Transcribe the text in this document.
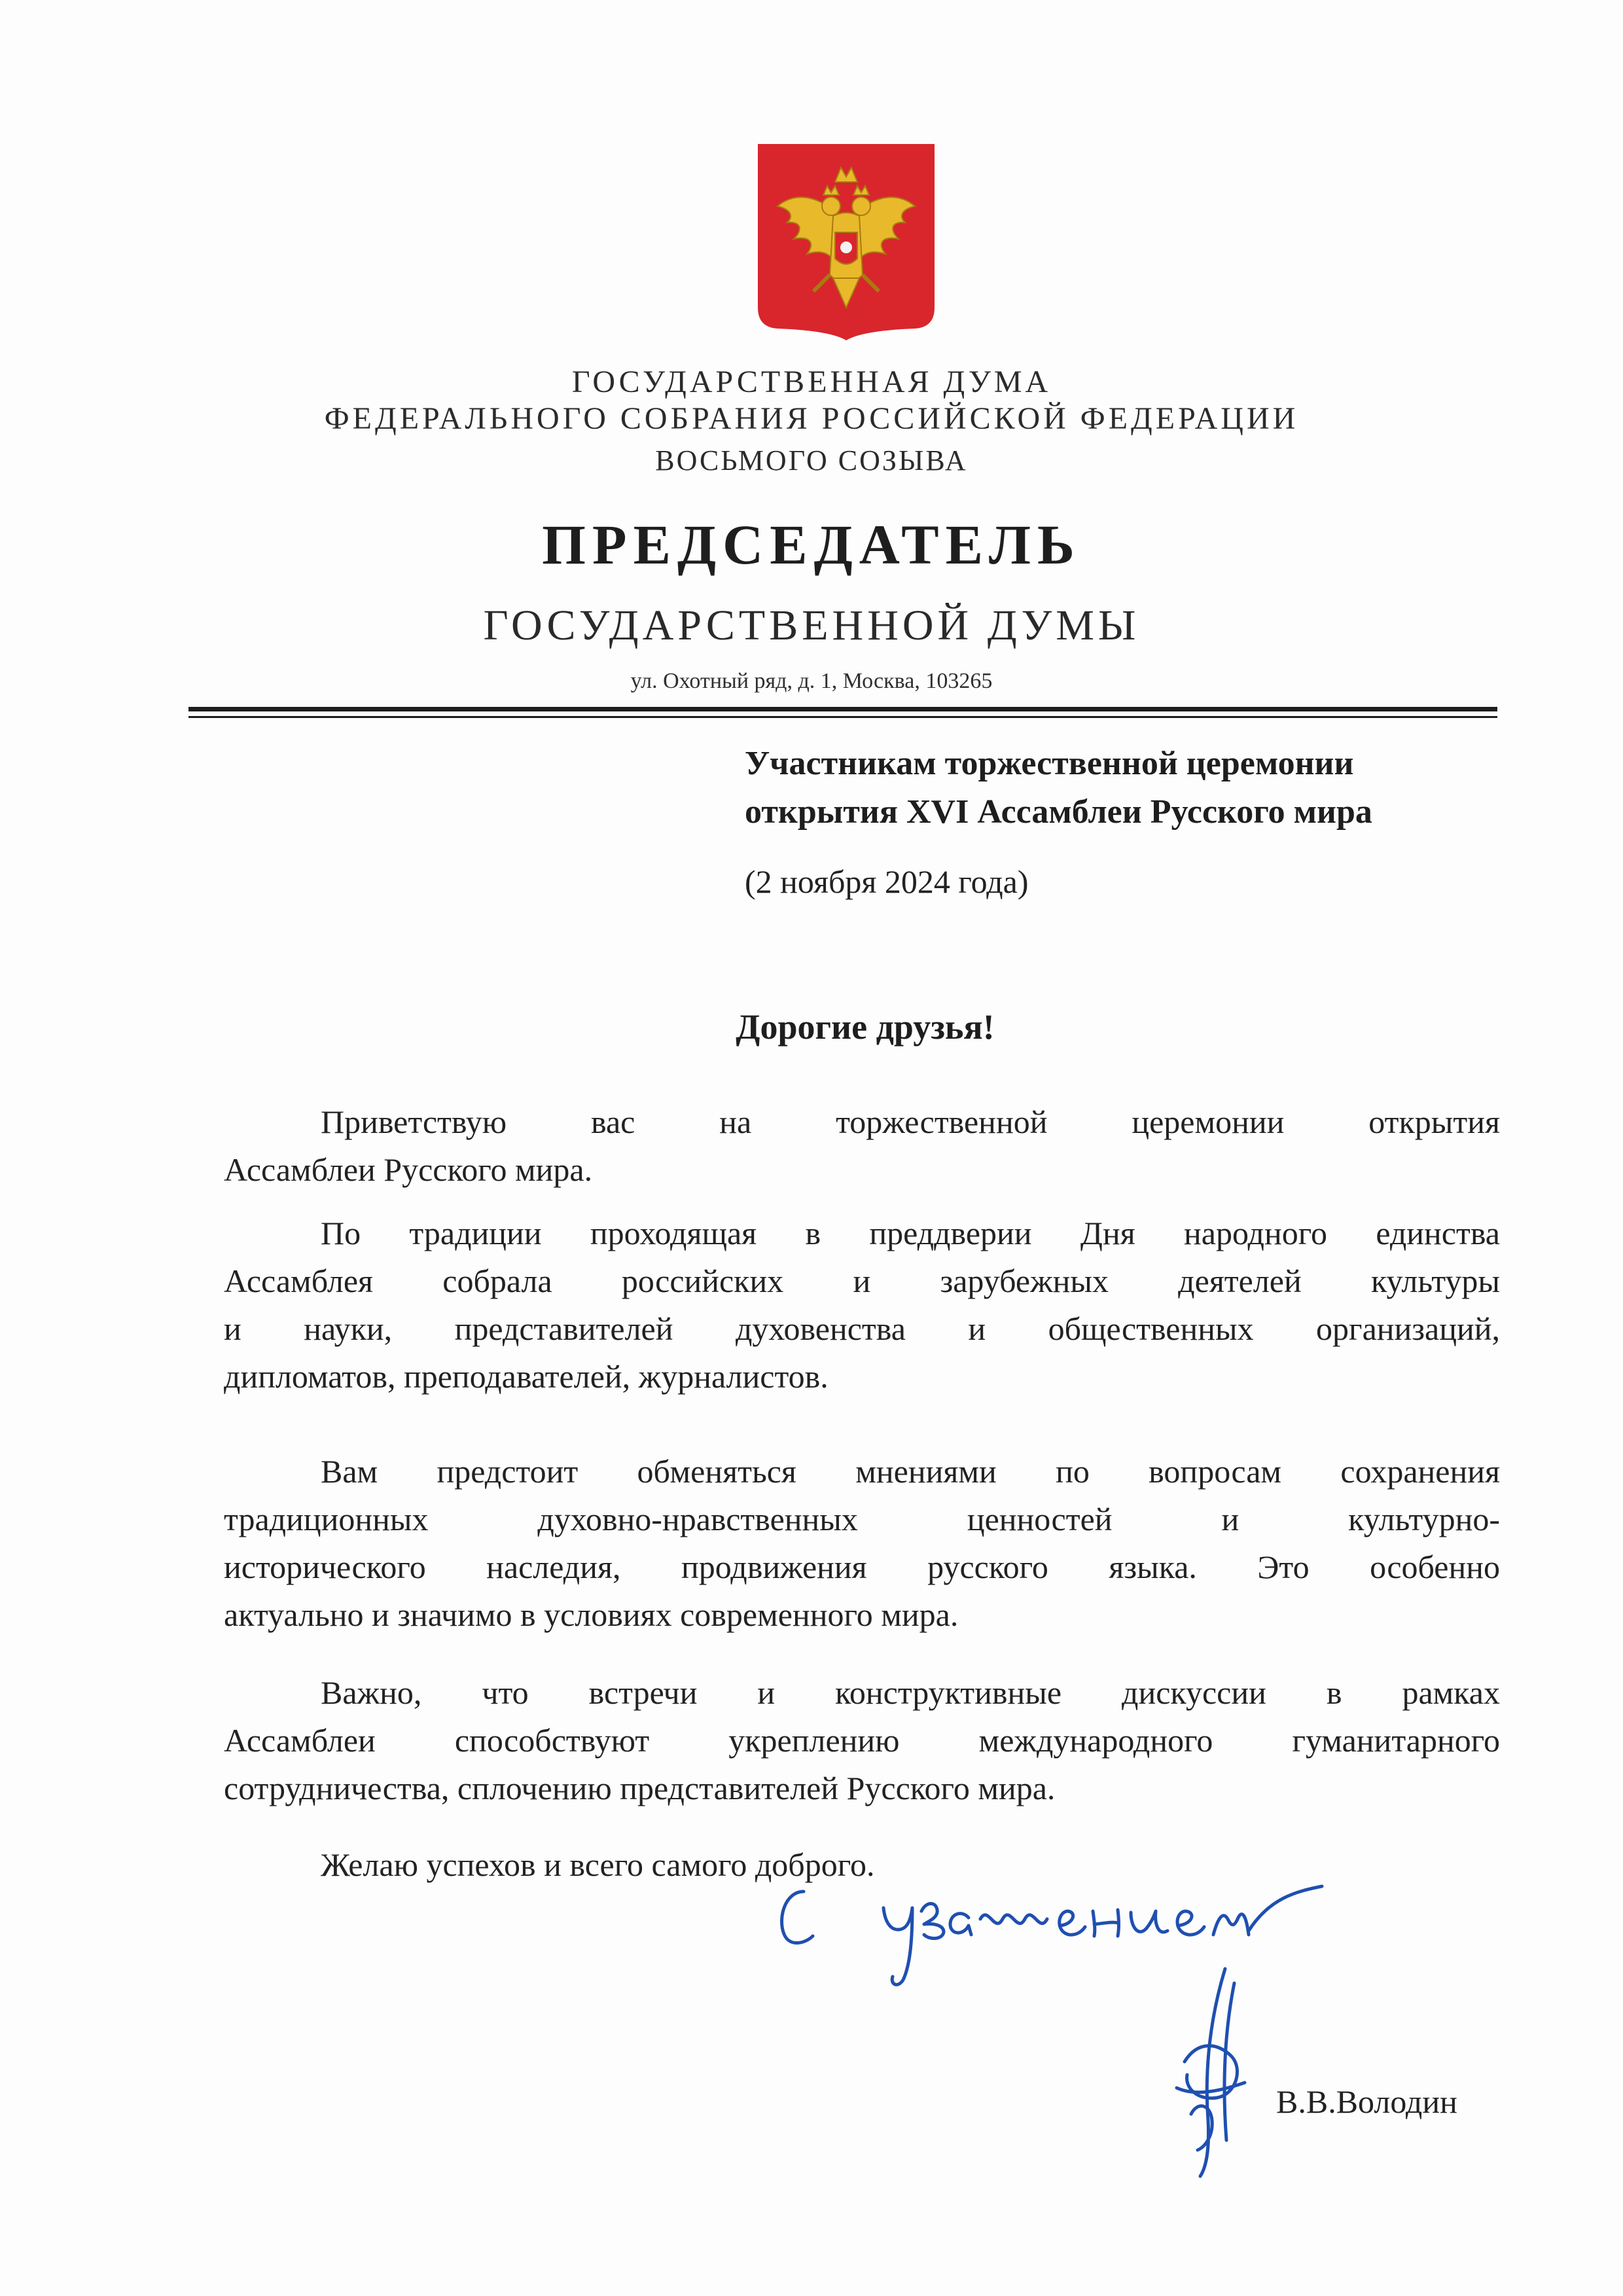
ГОСУДАРСТВЕННАЯ ДУМА
ФЕДЕРАЛЬНОГО СОБРАНИЯ РОССИЙСКОЙ ФЕДЕРАЦИИ
ВОСЬМОГО СОЗЫВА
ПРЕДСЕДАТЕЛЬ
ГОСУДАРСТВЕННОЙ ДУМЫ
ул. Охотный ряд, д. 1, Москва, 103265
Участникам торжественной церемонии
открытия XVI Ассамблеи Русского мира
(2 ноября 2024 года)
Дорогие друзья!
Приветствую вас на торжественной церемонии открытия
Ассамблеи Русского мира.
По традиции проходящая в преддверии Дня народного единства
Ассамблея собрала российских и зарубежных деятелей культуры
и науки, представителей духовенства и общественных организаций,
дипломатов, преподавателей, журналистов.
Вам предстоит обменяться мнениями по вопросам сохранения
традиционных духовно-нравственных ценностей и культурно-
исторического наследия, продвижения русского языка. Это особенно
актуально и значимо в условиях современного мира.
Важно, что встречи и конструктивные дискуссии в рамках
Ассамблеи способствуют укреплению международного гуманитарного
сотрудничества, сплочению представителей Русского мира.
Желаю успехов и всего самого доброго.
В.В.Володин
